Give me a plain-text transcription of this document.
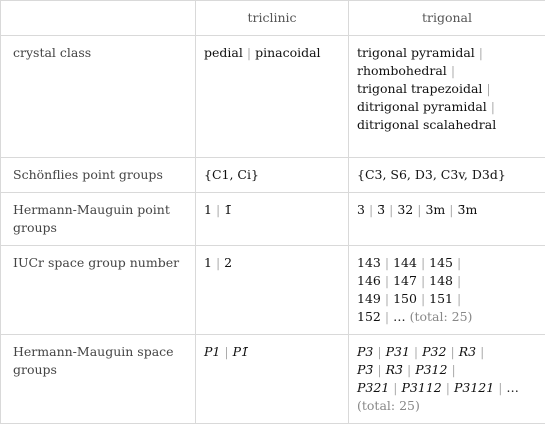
	triclinic	trigonal
crystal class	pedial | pinacoidal	trigonal pyramidal |
rhombohedral |
trigonal trapezoidal |
ditrigonal pyramidal |
ditrigonal scalahedral
Schönflies point groups	{C1, Ci}	{C3, S6, D3, C3v, D3d}
Hermann-Mauguin point groups	1 | 1̄	3 | 3̄ | 32 | 3m | 3̄m
IUCr space group number	1 | 2	143 | 144 | 145 |
146 | 147 | 148 |
149 | 150 | 151 |
152 | … (total: 25)
Hermann-Mauguin space groups	P1 | P1̄	P3 | P31 | P32 | R3 |
P3̄ | R3̄ | P312 |
P321 | P3112 | P3121 | … (total: 25)
